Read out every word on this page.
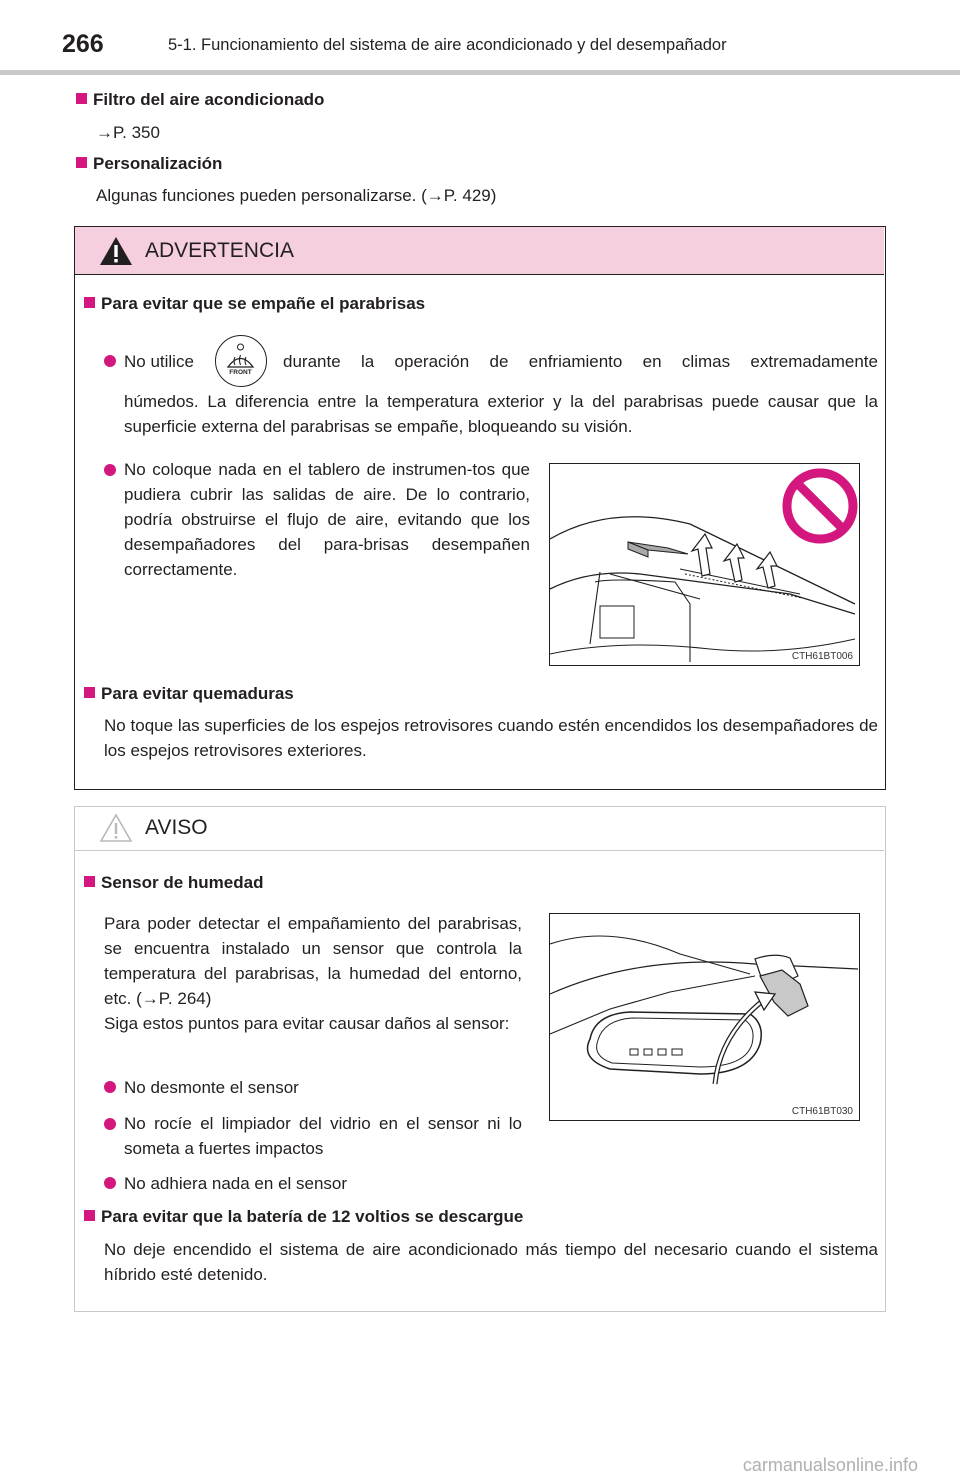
266	5-1. Funcionamiento del sistema de aire acondicionado y del desempañador
Filtro del aire acondicionado
→P. 350
Personalización
Algunas funciones pueden personalizarse. (→P. 429)
ADVERTENCIA
Para evitar que se empañe el parabrisas
No utilice
FRONT
durante la operación de enfriamiento en climas extremadamente
húmedos. La diferencia entre la temperatura exterior y la del parabrisas puede causar que la superficie externa del parabrisas se empañe, bloqueando su visión.
No coloque nada en el tablero de instrumen-tos que pudiera cubrir las salidas de aire. De lo contrario, podría obstruirse el flujo de aire, evitando que los desempañadores del para-brisas desempañen correctamente.
CTH61BT006
Para evitar quemaduras
No toque las superficies de los espejos retrovisores cuando estén encendidos los desempañadores de los espejos retrovisores exteriores.
AVISO
Sensor de humedad
Para poder detectar el empañamiento del parabrisas, se encuentra instalado un sensor que controla la temperatura del parabrisas, la humedad del entorno, etc. (→P. 264)
Siga estos puntos para evitar causar daños al sensor:
No desmonte el sensor
No rocíe el limpiador del vidrio en el sensor ni lo someta a fuertes impactos
No adhiera nada en el sensor
CTH61BT030
Para evitar que la batería de 12 voltios se descargue
No deje encendido el sistema de aire acondicionado más tiempo del necesario cuando el sistema híbrido esté detenido.
carmanualsonline.info
